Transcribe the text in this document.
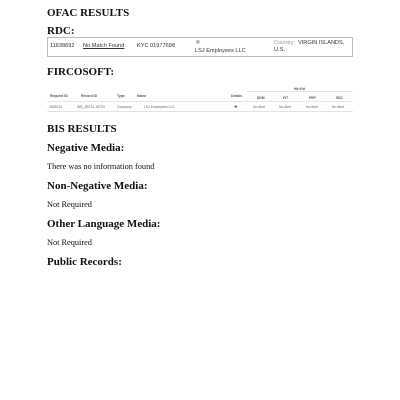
OFAC RESULTS
RDC:
11638692 No Match Found KYC 01977698
▩
LSJ Employees LLC
Country: VIRGIN ISLANDS,
U.S.
FIRCOSOFT:
Hit Kid
Request ID	Record ID	Type	Name	Details	SDM	FIT	PEP	SSC
2526114	WB_JR974-16793	Company	LSJ Employees LLC	❖	No Alert	No Alert	No Alert	No Alert
BIS RESULTS
Negative Media:

There was no information found

Non-Negative Media:

Not Required

Other Language Media:

Not Required

Public Records:
